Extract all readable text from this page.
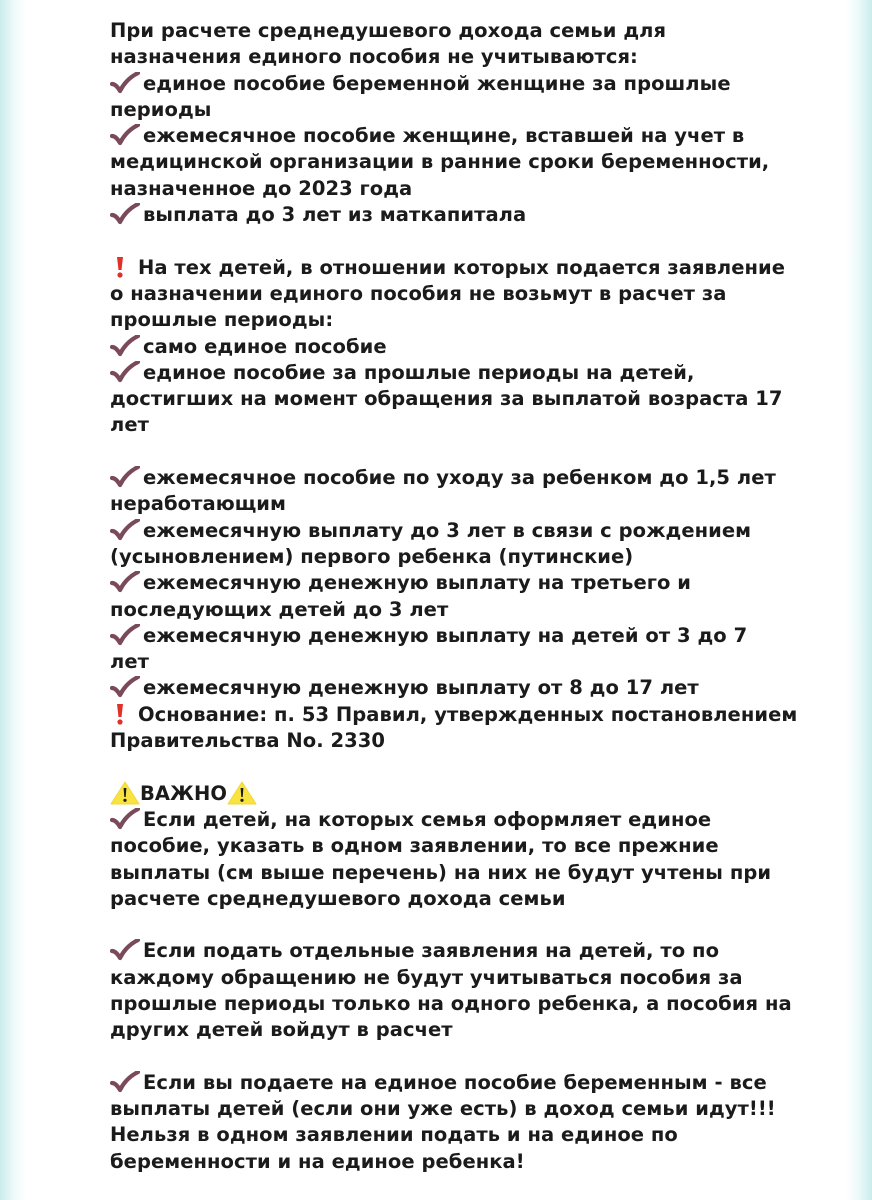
При расчете среднедушевого дохода семьи для
назначения единого пособия не учитываются:
единое пособие беременной женщине за прошлые
периоды
ежемесячное пособие женщине, вставшей на учет в
медицинской организации в ранние сроки беременности,
назначенное до 2023 года
выплата до 3 лет из маткапитала
На тех детей, в отношении которых подается заявление
о назначении единого пособия не возьмут в расчет за
прошлые периоды:
само единое пособие
единое пособие за прошлые периоды на детей,
достигших на момент обращения за выплатой возраста 17
лет
ежемесячное пособие по уходу за ребенком до 1,5 лет
неработающим
ежемесячную выплату до 3 лет в связи с рождением
(усыновлением) первого ребенка (путинские)
ежемесячную денежную выплату на третьего и
последующих детей до 3 лет
ежемесячную денежную выплату на детей от 3 до 7
лет
ежемесячную денежную выплату от 8 до 17 лет
Основание: п. 53 Правил, утвержденных постановлением
Правительства No. 2330
ВАЖНО
Если детей, на которых семья оформляет единое
пособие, указать в одном заявлении, то все прежние
выплаты (см выше перечень) на них не будут учтены при
расчете среднедушевого дохода семьи
Если подать отдельные заявления на детей, то по
каждому обращению не будут учитываться пособия за
прошлые периоды только на одного ребенка, а пособия на
других детей войдут в расчет
Если вы подаете на единое пособие беременным - все
выплаты детей (если они уже есть) в доход семьи идут!!!
Нельзя в одном заявлении подать и на единое по
беременности и на единое ребенка!
